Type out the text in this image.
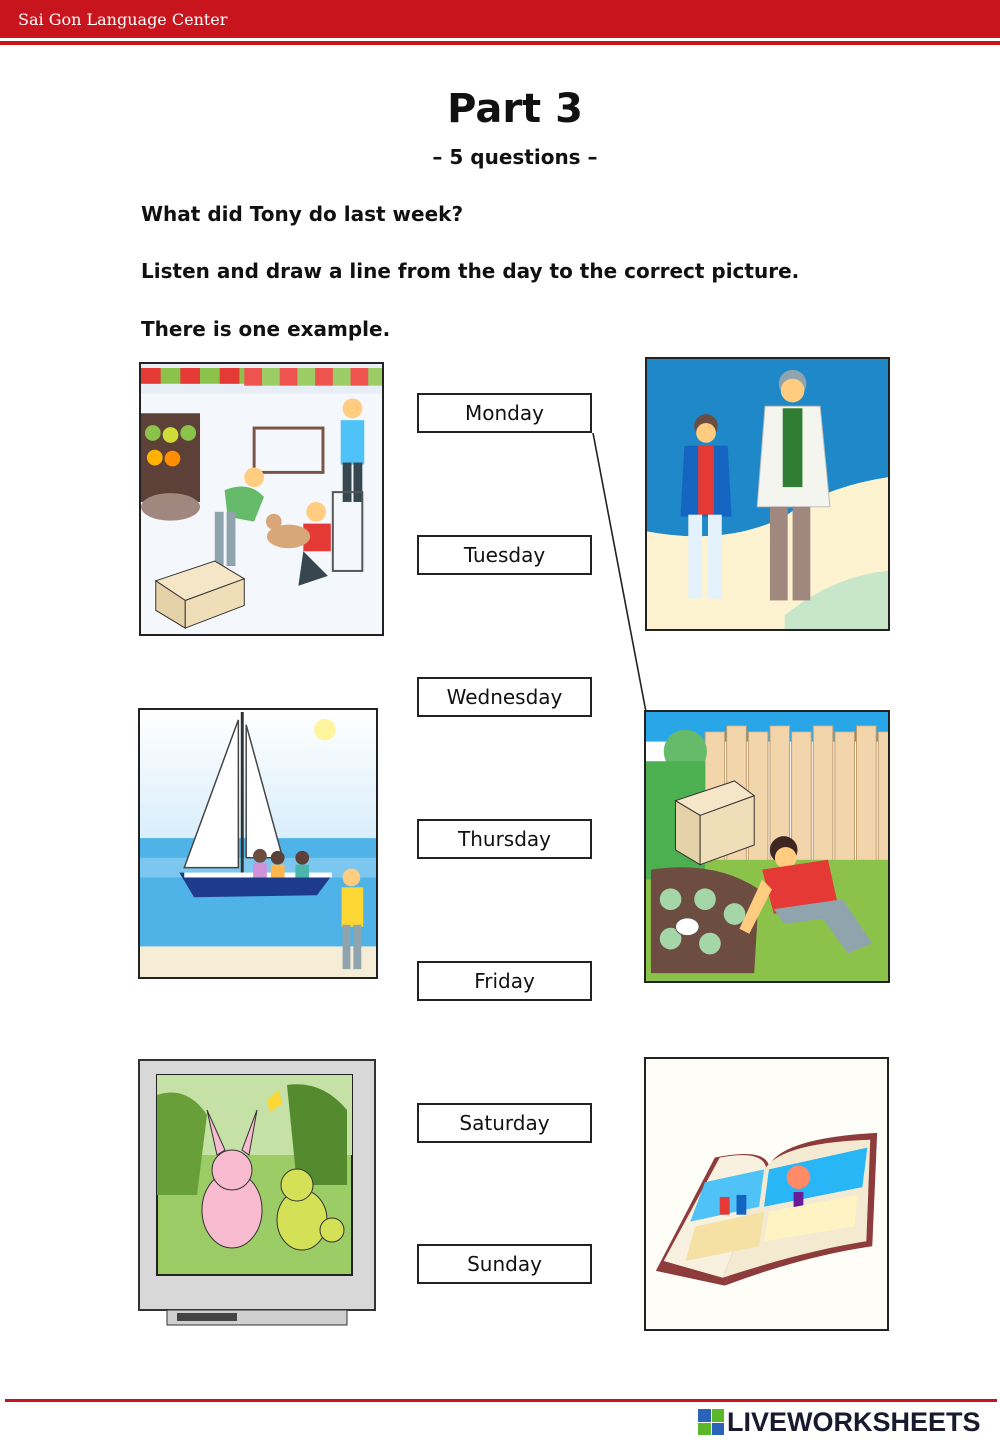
Sai Gon Language Center
Part 3
– 5 questions –
What did Tony do last week?
Listen and draw a line from the day to the correct picture.
There is one example.
Monday
Tuesday
Wednesday
Thursday
Friday
Saturday
Sunday
LIVEWORKSHEETS
